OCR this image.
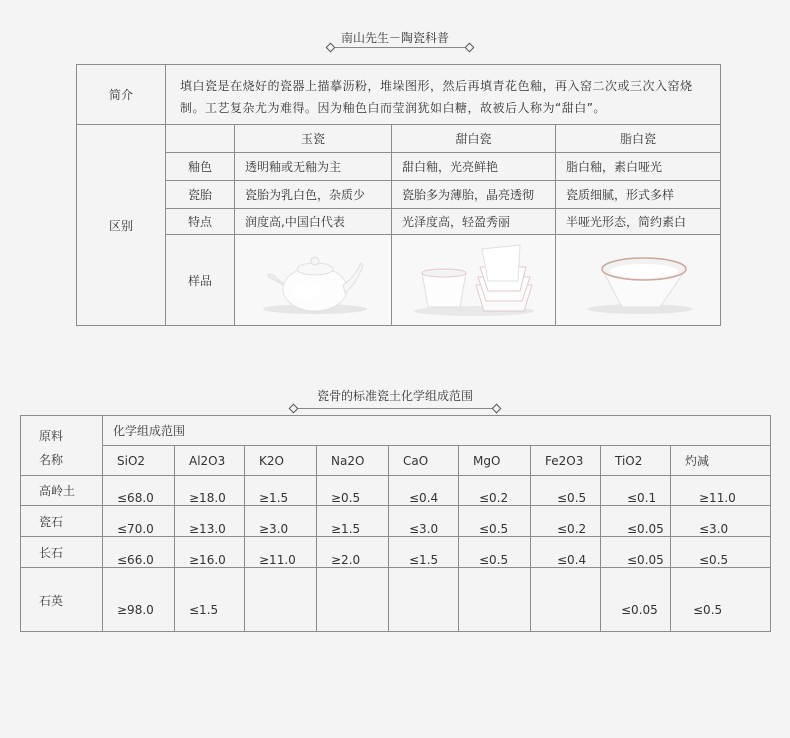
南山先生－陶瓷科普
简介	填白瓷是在烧好的瓷器上描摹沥粉，堆垛图形，然后再填青花色釉，再入窑二次或三次入窑烧制。工艺复杂尤为难得。因为釉色白而莹润犹如白糖，故被后人称为“甜白”。			
区别		玉瓷	甜白瓷	脂白瓷
	釉色	透明釉或无釉为主	甜白釉，光亮鲜艳	脂白釉，素白哑光
	瓷胎	瓷胎为乳白色，杂质少	瓷胎多为薄胎，晶亮透彻	瓷质细腻，形式多样
	特点	润度高,中国白代表	光泽度高，轻盈秀丽	半哑光形态，简约素白
	样品			
瓷骨的标准瓷土化学组成范围
原料
名称	化学组成范围								
	SiO2	Al2O3	K2O	Na2O	CaO	MgO	Fe2O3	TiO2	灼减
高岭土	≤68.0	≥18.0	≥1.5	≥0.5	≤0.4	≤0.2	≤0.5	≤0.1	≥11.0
瓷石	≤70.0	≥13.0	≥3.0	≥1.5	≤3.0	≤0.5	≤0.2	≤0.05	≤3.0
长石	≤66.0	≥16.0	≥11.0	≥2.0	≤1.5	≤0.5	≤0.4	≤0.05	≤0.5
石英	≥98.0	≤1.5						≤0.05	≤0.5
